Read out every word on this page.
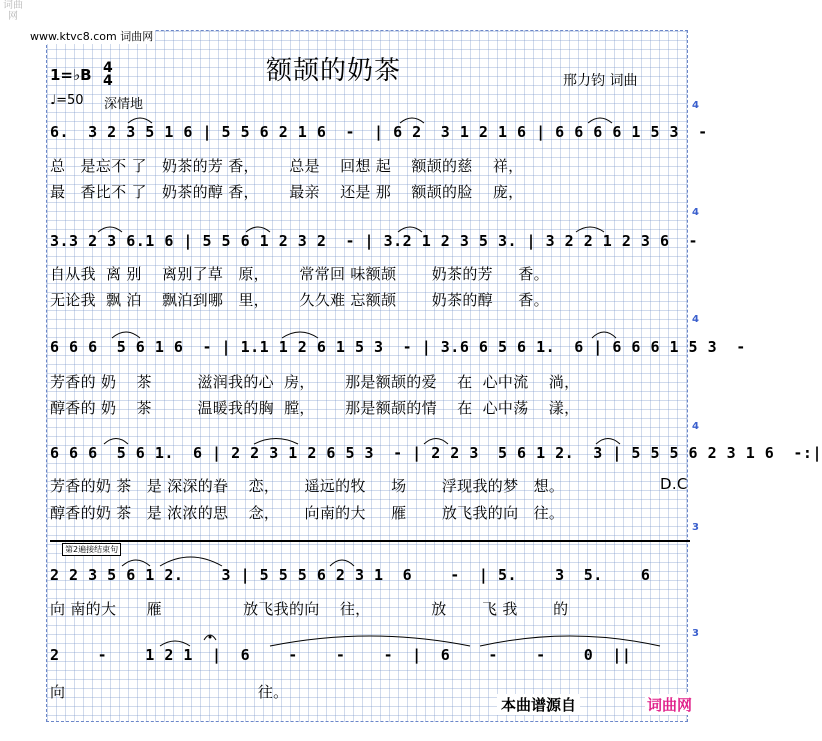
词曲网

www.ktvc8.com 词曲网
额颉的奶茶	邢力钧 词曲
1=♭B 4
4
♩=50 深情地
6.  3 2 3 5 1 6 | 5 5 6 2 1 6  -  | 6 2  3 1 2 1 6 | 6 6 6 6 1 5 3  -
总   是忘不 了   奶茶的芳 香，      总是    回想 起    额颉的慈    祥，
最   香比不 了   奶茶的醇 香，      最亲    还是 那    额颉的脸    庞，
3.3 2 3 6.1 6 | 5 5 6 1 2 3 2  - | 3.2 1 2 3 5 3. | 3 2 2 1 2 3 6  -
自从我  离 别    离别了草   原，      常常回 味额颉       奶茶的芳     香。
无论我  飘 泊    飘泊到哪   里，      久久难 忘额颉       奶茶的醇     香。
6 6 6  5 6 1 6  - | 1.1 1 2 6 1 5 3  - | 3.6 6 5 6 1.  6 | 6 6 6 1 5 3  -
芳香的 奶    茶         滋润我的心  房，      那是额颉的爱    在  心中流    淌，
醇香的 奶    茶         温暖我的胸  膛，      那是额颉的情    在  心中荡    漾，
6 6 6  5 6 1.  6 | 2 2 3 1 2 6 5 3  - | 2 2 3  5 6 1 2.  3 | 5 5 5 6 2 3 1 6  -:|
芳香的奶 茶   是 深深的眷    恋，     遥远的牧     场       浮现我的梦   想。
醇香的奶 茶   是 浓浓的思    念，     向南的大     雁       放飞我的向   往。
D.C
第2遍接结束句
2 2 3 5 6 1 2.    3 | 5 5 5 6 2 3 1  6    -  | 5.    3  5.    6
向 南的大      雁                放飞我的向    往，            放       飞 我       的
2    -    1 2 1  |  6    -    -    -  |  6    -    -    0  ||
向                                      往。
4
4
4
4
3
3
本曲谱源自	词曲网
